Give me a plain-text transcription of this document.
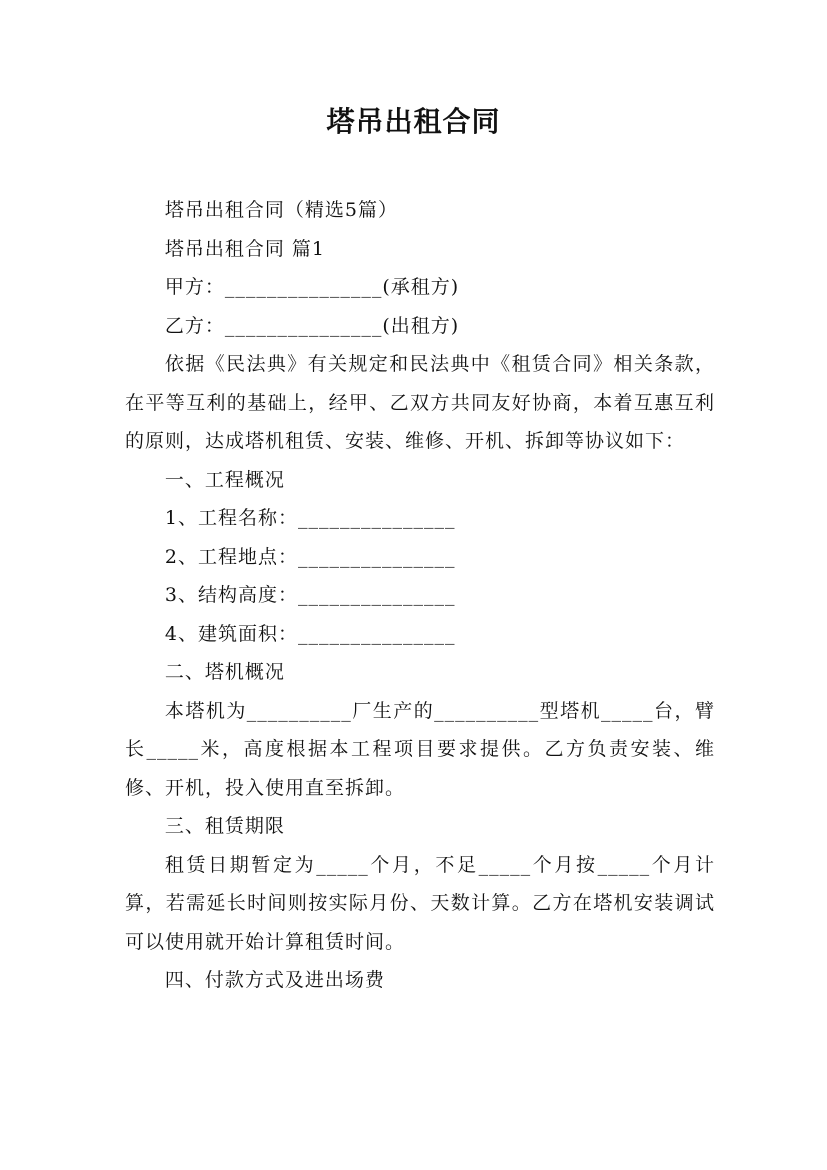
塔吊出租合同

塔吊出租合同（精选5篇）

塔吊出租合同 篇1

甲方：_______________(承租方)

乙方：_______________(出租方)

依据《民法典》有关规定和民法典中《租赁合同》相关条款，在平等互利的基础上，经甲、乙双方共同友好协商，本着互惠互利的原则，达成塔机租赁、安装、维修、开机、拆卸等协议如下：

一、工程概况

1、工程名称：_______________

2、工程地点：_______________

3、结构高度：_______________

4、建筑面积：_______________

二、塔机概况

本塔机为__________厂生产的__________型塔机_____台，臂长_____米，高度根据本工程项目要求提供。乙方负责安装、维修、开机，投入使用直至拆卸。

三、租赁期限

租赁日期暂定为_____个月，不足_____个月按_____个月计算，若需延长时间则按实际月份、天数计算。乙方在塔机安装调试可以使用就开始计算租赁时间。

四、付款方式及进出场费
